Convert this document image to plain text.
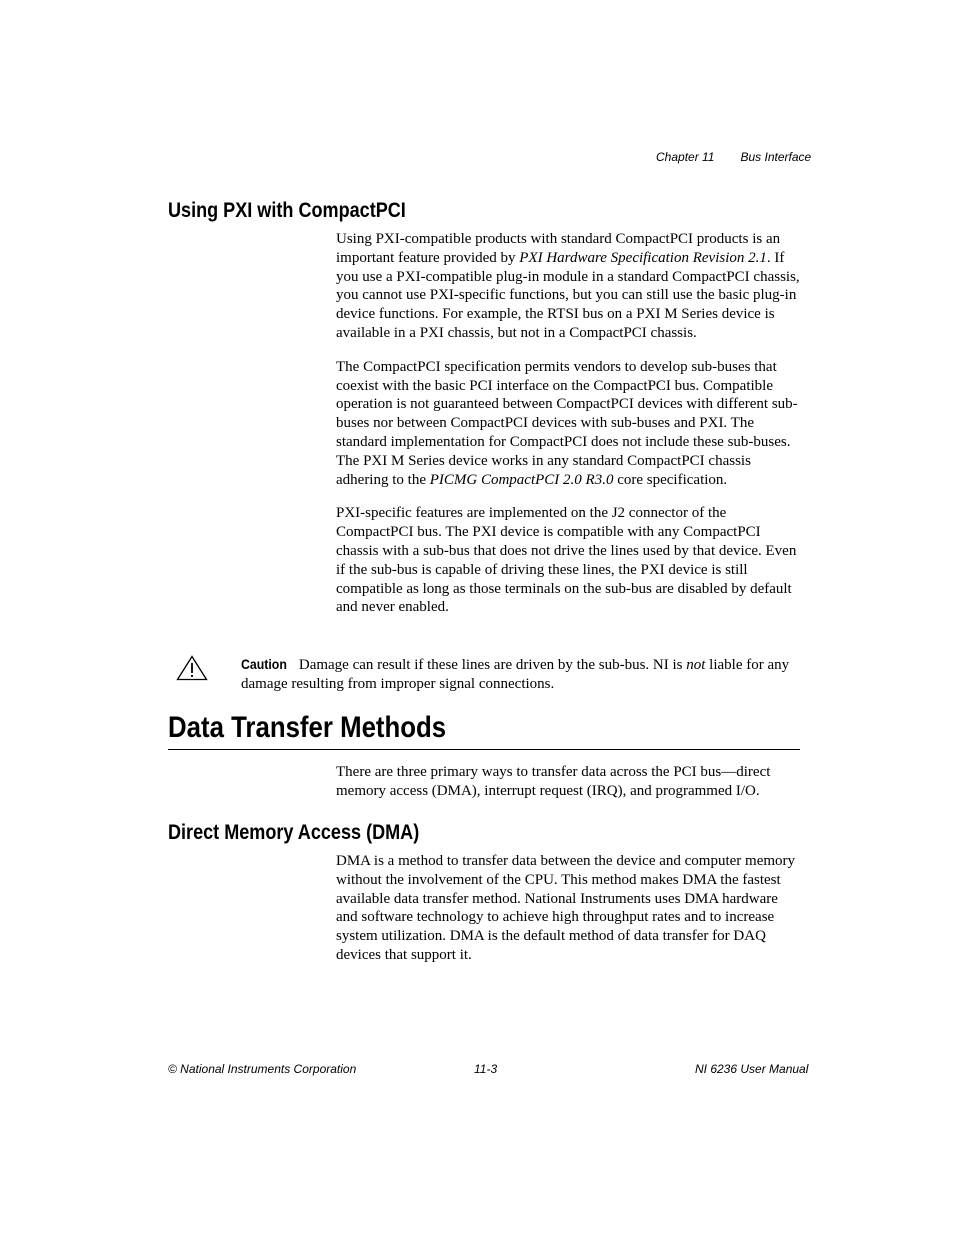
Chapter 11 Bus Interface
Using PXI with CompactPCI

Using PXI-compatible products with standard CompactPCI products is an important feature provided by PXI Hardware Specification Revision 2.1. If you use a PXI-compatible plug-in module in a standard CompactPCI chassis, you cannot use PXI-specific functions, but you can still use the basic plug-in device functions. For example, the RTSI bus on a PXI M Series device is available in a PXI chassis, but not in a CompactPCI chassis.

The CompactPCI specification permits vendors to develop sub-buses that coexist with the basic PCI interface on the CompactPCI bus. Compatible operation is not guaranteed between CompactPCI devices with different sub-buses nor between CompactPCI devices with sub-buses and PXI. The standard implementation for CompactPCI does not include these sub-buses. The PXI M Series device works in any standard CompactPCI chassis adhering to the PICMG CompactPCI 2.0 R3.0 core specification.

PXI-specific features are implemented on the J2 connector of the CompactPCI bus. The PXI device is compatible with any CompactPCI chassis with a sub-bus that does not drive the lines used by that device. Even if the sub-bus is capable of driving these lines, the PXI device is still compatible as long as those terminals on the sub-bus are disabled by default and never enabled.

Caution Damage can result if these lines are driven by the sub-bus. NI is not liable for any damage resulting from improper signal connections.
Data Transfer Methods

There are three primary ways to transfer data across the PCI bus—direct memory access (DMA), interrupt request (IRQ), and programmed I/O.

Direct Memory Access (DMA)

DMA is a method to transfer data between the device and computer memory without the involvement of the CPU. This method makes DMA the fastest available data transfer method. National Instruments uses DMA hardware and software technology to achieve high throughput rates and to increase system utilization. DMA is the default method of data transfer for DAQ devices that support it.

© National Instruments Corporation	11-3	NI 6236 User Manual
